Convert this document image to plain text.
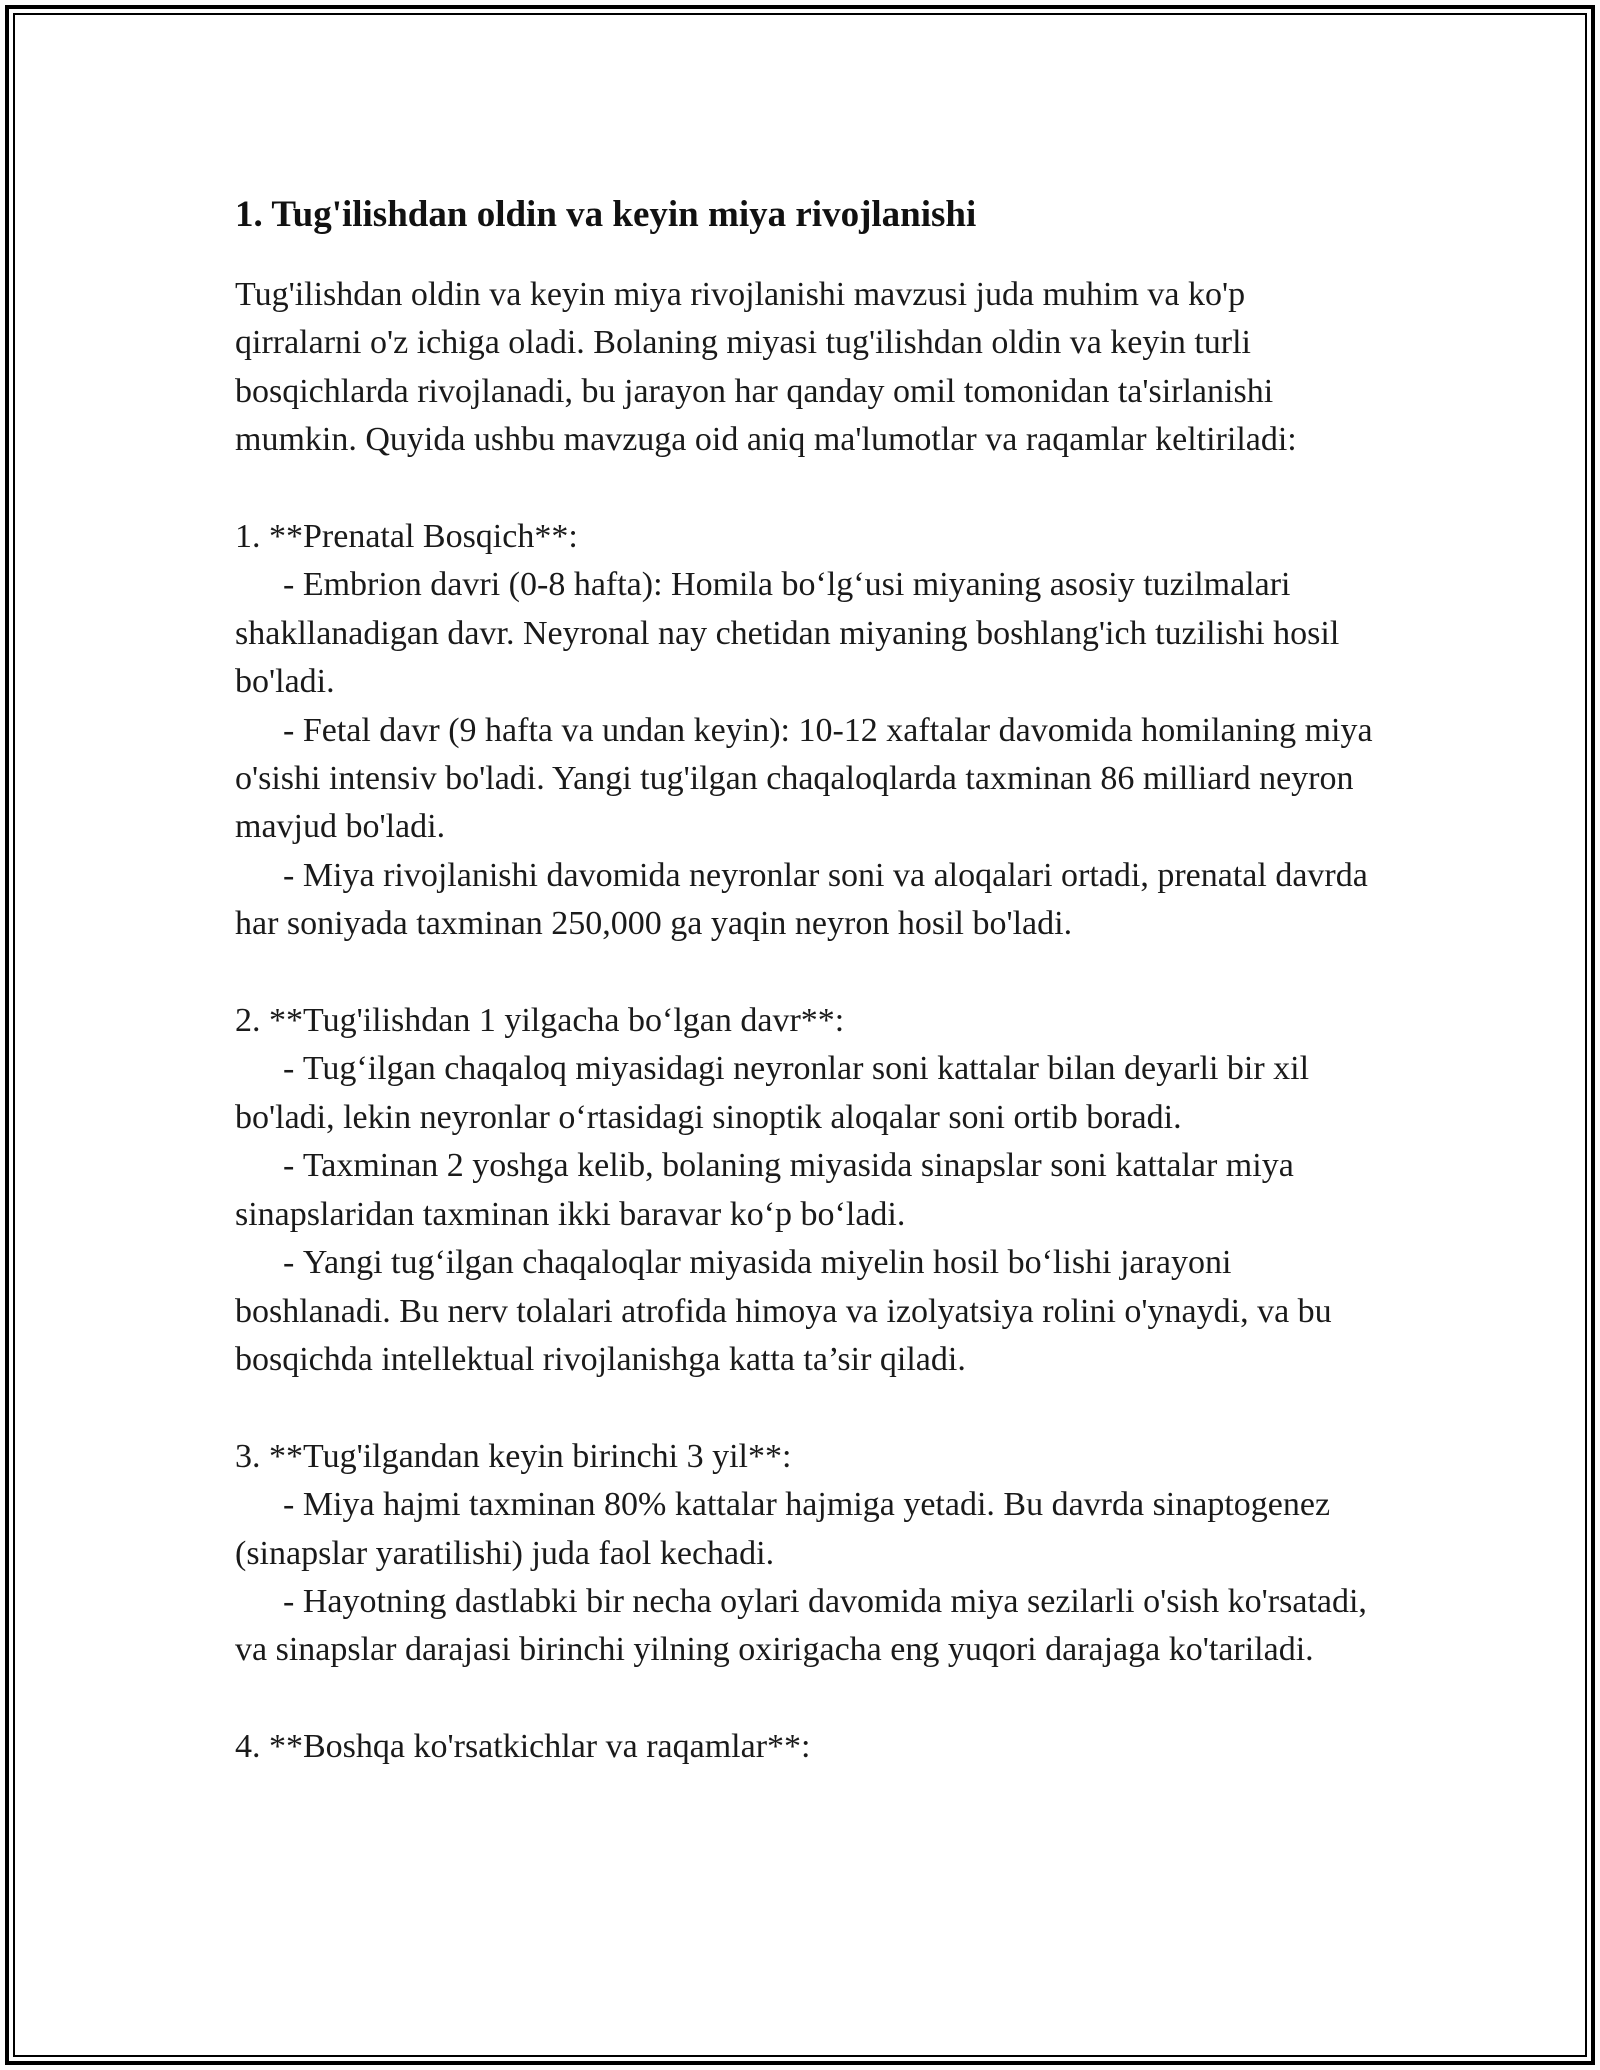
1. Tug'ilishdan oldin va keyin miya rivojlanishi

Tug'ilishdan oldin va keyin miya rivojlanishi mavzusi juda muhim va ko'p qirralarni o'z ichiga oladi. Bolaning miyasi tug'ilishdan oldin va keyin turli bosqichlarda rivojlanadi, bu jarayon har qanday omil tomonidan ta'sirlanishi mumkin. Quyida ushbu mavzuga oid aniq ma'lumotlar va raqamlar keltiriladi:

1. **Prenatal Bosqich**:

- Embrion davri (0-8 hafta): Homila bo‘lg‘usi miyaning asosiy tuzilmalari shakllanadigan davr. Neyronal nay chetidan miyaning boshlang'ich tuzilishi hosil bo'ladi.

- Fetal davr (9 hafta va undan keyin): 10-12 xaftalar davomida homilaning miya o'sishi intensiv bo'ladi. Yangi tug'ilgan chaqaloqlarda taxminan 86 milliard neyron mavjud bo'ladi.

- Miya rivojlanishi davomida neyronlar soni va aloqalari ortadi, prenatal davrda har soniyada taxminan 250,000 ga yaqin neyron hosil bo'ladi.

2. **Tug'ilishdan 1 yilgacha bo‘lgan davr**:

- Tug‘ilgan chaqaloq miyasidagi neyronlar soni kattalar bilan deyarli bir xil bo'ladi, lekin neyronlar o‘rtasidagi sinoptik aloqalar soni ortib boradi.

- Taxminan 2 yoshga kelib, bolaning miyasida sinapslar soni kattalar miya sinapslaridan taxminan ikki baravar ko‘p bo‘ladi.

- Yangi tug‘ilgan chaqaloqlar miyasida miyelin hosil bo‘lishi jarayoni boshlanadi. Bu nerv tolalari atrofida himoya va izolyatsiya rolini o'ynaydi, va bu bosqichda intellektual rivojlanishga katta ta’sir qiladi.

3. **Tug'ilgandan keyin birinchi 3 yil**:

- Miya hajmi taxminan 80% kattalar hajmiga yetadi. Bu davrda sinaptogenez (sinapslar yaratilishi) juda faol kechadi.

- Hayotning dastlabki bir necha oylari davomida miya sezilarli o'sish ko'rsatadi, va sinapslar darajasi birinchi yilning oxirigacha eng yuqori darajaga ko'tariladi.

4. **Boshqa ko'rsatkichlar va raqamlar**:
